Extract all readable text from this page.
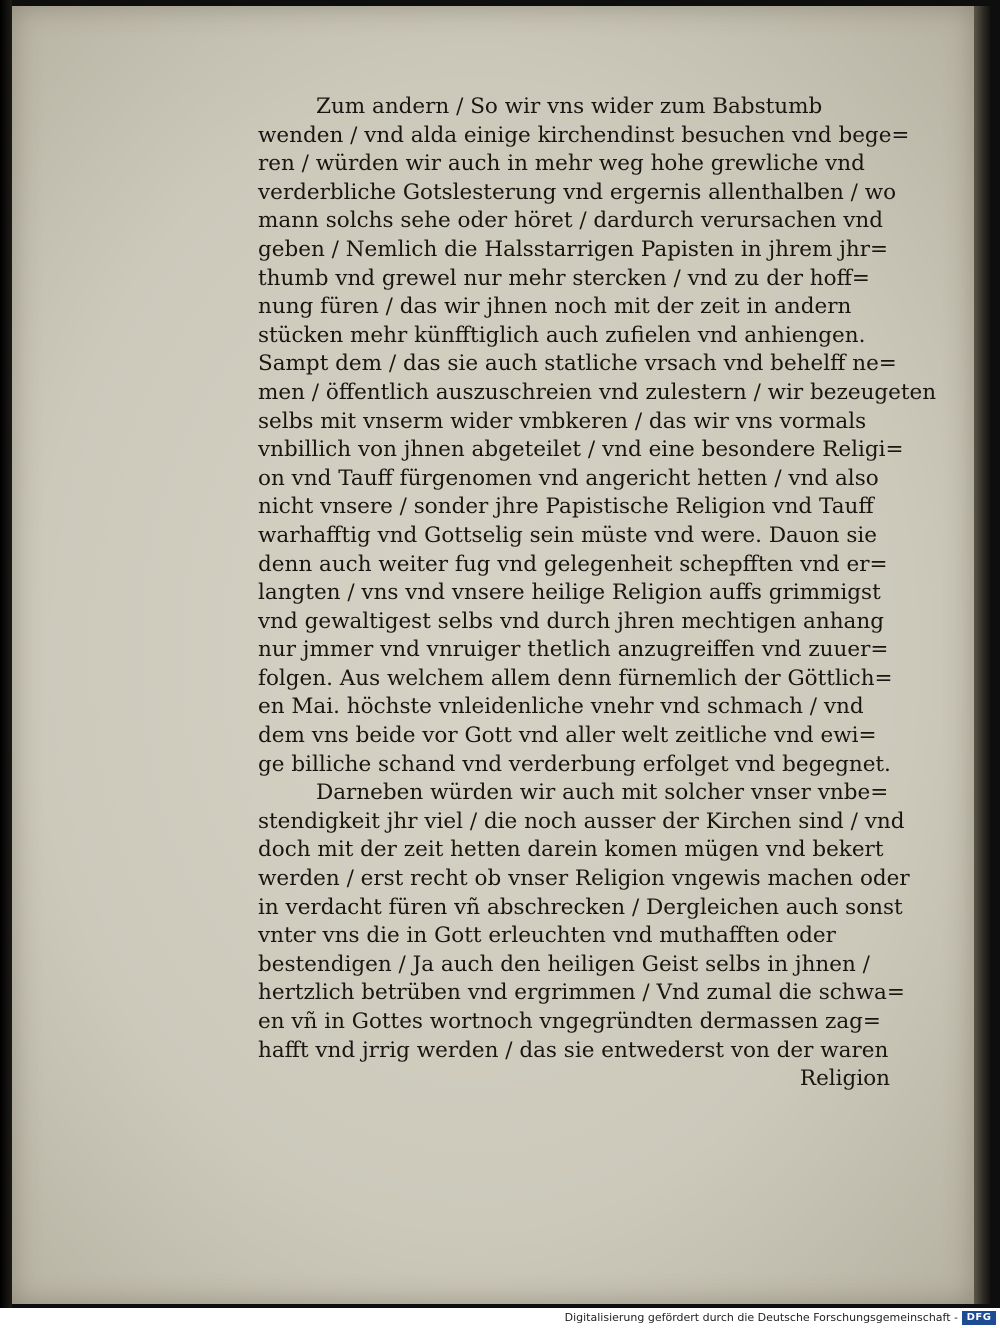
Zum andern / So wir vns wider zum Babstumb
wenden / vnd alda einige kirchendinst besuchen vnd bege=
ren / würden wir auch in mehr weg hohe grewliche vnd
verderbliche Gotslesterung vnd ergernis allenthalben / wo
mann solchs sehe oder höret / dardurch verursachen vnd
geben / Nemlich die Halsstarrigen Papisten in jhrem jhr=
thumb vnd grewel nur mehr stercken / vnd zu der hoff=
nung füren / das wir jhnen noch mit der zeit in andern
stücken mehr künfftiglich auch zufielen vnd anhiengen.
Sampt dem / das sie auch statliche vrsach vnd behelff ne=
men / öffentlich auszuschreien vnd zulestern / wir bezeugeten
selbs mit vnserm wider vmbkeren / das wir vns vormals
vnbillich von jhnen abgeteilet / vnd eine besondere Religi=
on vnd Tauff fürgenomen vnd angericht hetten / vnd also
nicht vnsere / sonder jhre Papistische Religion vnd Tauff
warhafftig vnd Gottselig sein müste vnd were. Dauon sie
denn auch weiter fug vnd gelegenheit schepfften vnd er=
langten / vns vnd vnsere heilige Religion auffs grimmigst
vnd gewaltigest selbs vnd durch jhren mechtigen anhang
nur jmmer vnd vnruiger thetlich anzugreiffen vnd zuuer=
folgen. Aus welchem allem denn fürnemlich der Göttlich=
en Mai. höchste vnleidenliche vnehr vnd schmach / vnd
dem vns beide vor Gott vnd aller welt zeitliche vnd ewi=
ge billiche schand vnd verderbung erfolget vnd begegnet.
Darneben würden wir auch mit solcher vnser vnbe=
stendigkeit jhr viel / die noch ausser der Kirchen sind / vnd
doch mit der zeit hetten darein komen mügen vnd bekert
werden / erst recht ob vnser Religion vngewis machen oder
in verdacht füren vñ abschrecken / Dergleichen auch sonst
vnter vns die in Gott erleuchten vnd muthafften oder
bestendigen / Ja auch den heiligen Geist selbs in jhnen /
hertzlich betrüben vnd ergrimmen / Vnd zumal die schwa=
en vñ in Gottes wortnoch vngegründten dermassen zag=
hafft vnd jrrig werden / das sie entwederst von der waren
Religion
Digitalisierung gefördert durch die Deutsche Forschungsgemeinschaft - DFG
